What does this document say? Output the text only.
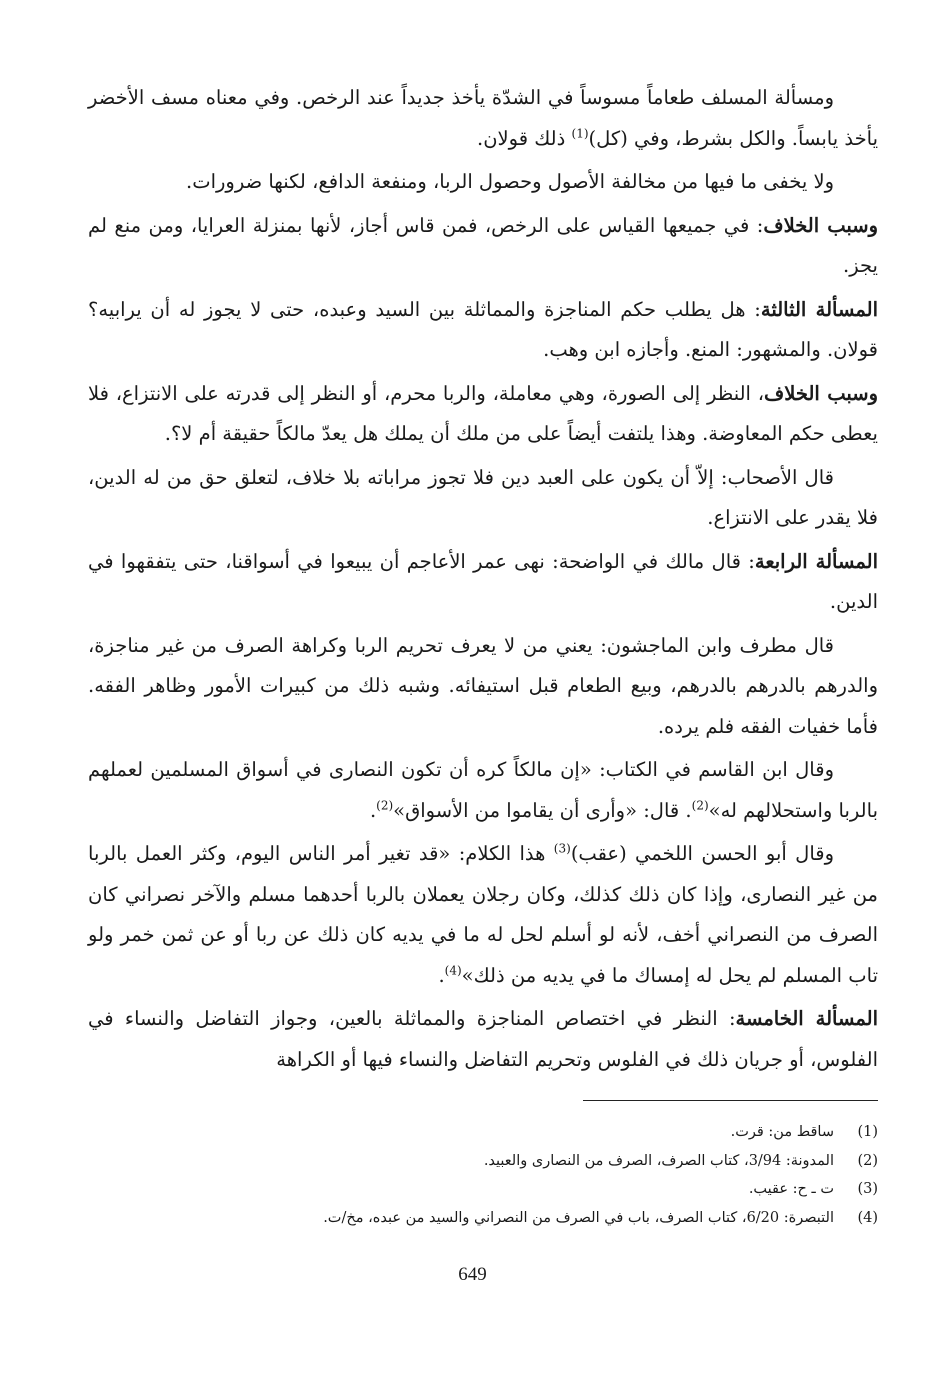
ومسألة المسلف طعاماً مسوساً في الشدّة يأخذ جديداً عند الرخص. وفي معناه مسف الأخضر يأخذ يابساً. والكل بشرط، وفي (كل)$^{(1)}$ ذلك قولان.

ولا يخفى ما فيها من مخالفة الأصول وحصول الربا، ومنفعة الدافع، لكنها ضرورات.

وسبب الخلاف: في جميعها القياس على الرخص، فمن قاس أجاز، لأنها بمنزلة العرايا، ومن منع لم يجز.

المسألة الثالثة: هل يطلب حكم المناجزة والمماثلة بين السيد وعبده، حتى لا يجوز له أن يرابيه؟ قولان. والمشهور: المنع. وأجازه ابن وهب.

وسبب الخلاف، النظر إلى الصورة، وهي معاملة، والربا محرم، أو النظر إلى قدرته على الانتزاع، فلا يعطى حكم المعاوضة. وهذا يلتفت أيضاً على من ملك أن يملك هل يعدّ مالكاً حقيقة أم لا؟.

قال الأصحاب: إلاّ أن يكون على العبد دين فلا تجوز مراباته بلا خلاف، لتعلق حق من له الدين، فلا يقدر على الانتزاع.

المسألة الرابعة: قال مالك في الواضحة: نهى عمر الأعاجم أن يبيعوا في أسواقنا، حتى يتفقهوا في الدين.

قال مطرف وابن الماجشون: يعني من لا يعرف تحريم الربا وكراهة الصرف من غير مناجزة، والدرهم بالدرهم بالدرهم، وبيع الطعام قبل استيفائه. وشبه ذلك من كبيرات الأمور وظاهر الفقه. فأما خفيات الفقه فلم يرده.

وقال ابن القاسم في الكتاب: «إن مالكاً كره أن تكون النصارى في أسواق المسلمين لعملهم بالربا واستحلالهم له»$^{(2)}$. قال: «وأرى أن يقاموا من الأسواق»$^{(2)}$.

وقال أبو الحسن اللخمي (عقب)$^{(3)}$ هذا الكلام: «قد تغير أمر الناس اليوم، وكثر العمل بالربا من غير النصارى، وإذا كان ذلك كذلك، وكان رجلان يعملان بالربا أحدهما مسلم والآخر نصراني كان الصرف من النصراني أخف، لأنه لو أسلم لحل له ما في يديه كان ذلك عن ربا أو عن ثمن خمر ولو تاب المسلم لم يحل له إمساك ما في يديه من ذلك»$^{(4)}$.

المسألة الخامسة: النظر في اختصاص المناجزة والمماثلة بالعين، وجواز التفاضل والنساء في الفلوس، أو جريان ذلك في الفلوس وتحريم التفاضل والنساء فيها أو الكراهة

(1)
ساقط من: قرت.
(2)
المدونة: 3/94، كتاب الصرف، الصرف من النصارى والعبيد.
(3)
ت ـ ح: عقيب.
(4)
التبصرة: 6/20، كتاب الصرف، باب في الصرف من النصراني والسيد من عبده، مخ/ت.
649
